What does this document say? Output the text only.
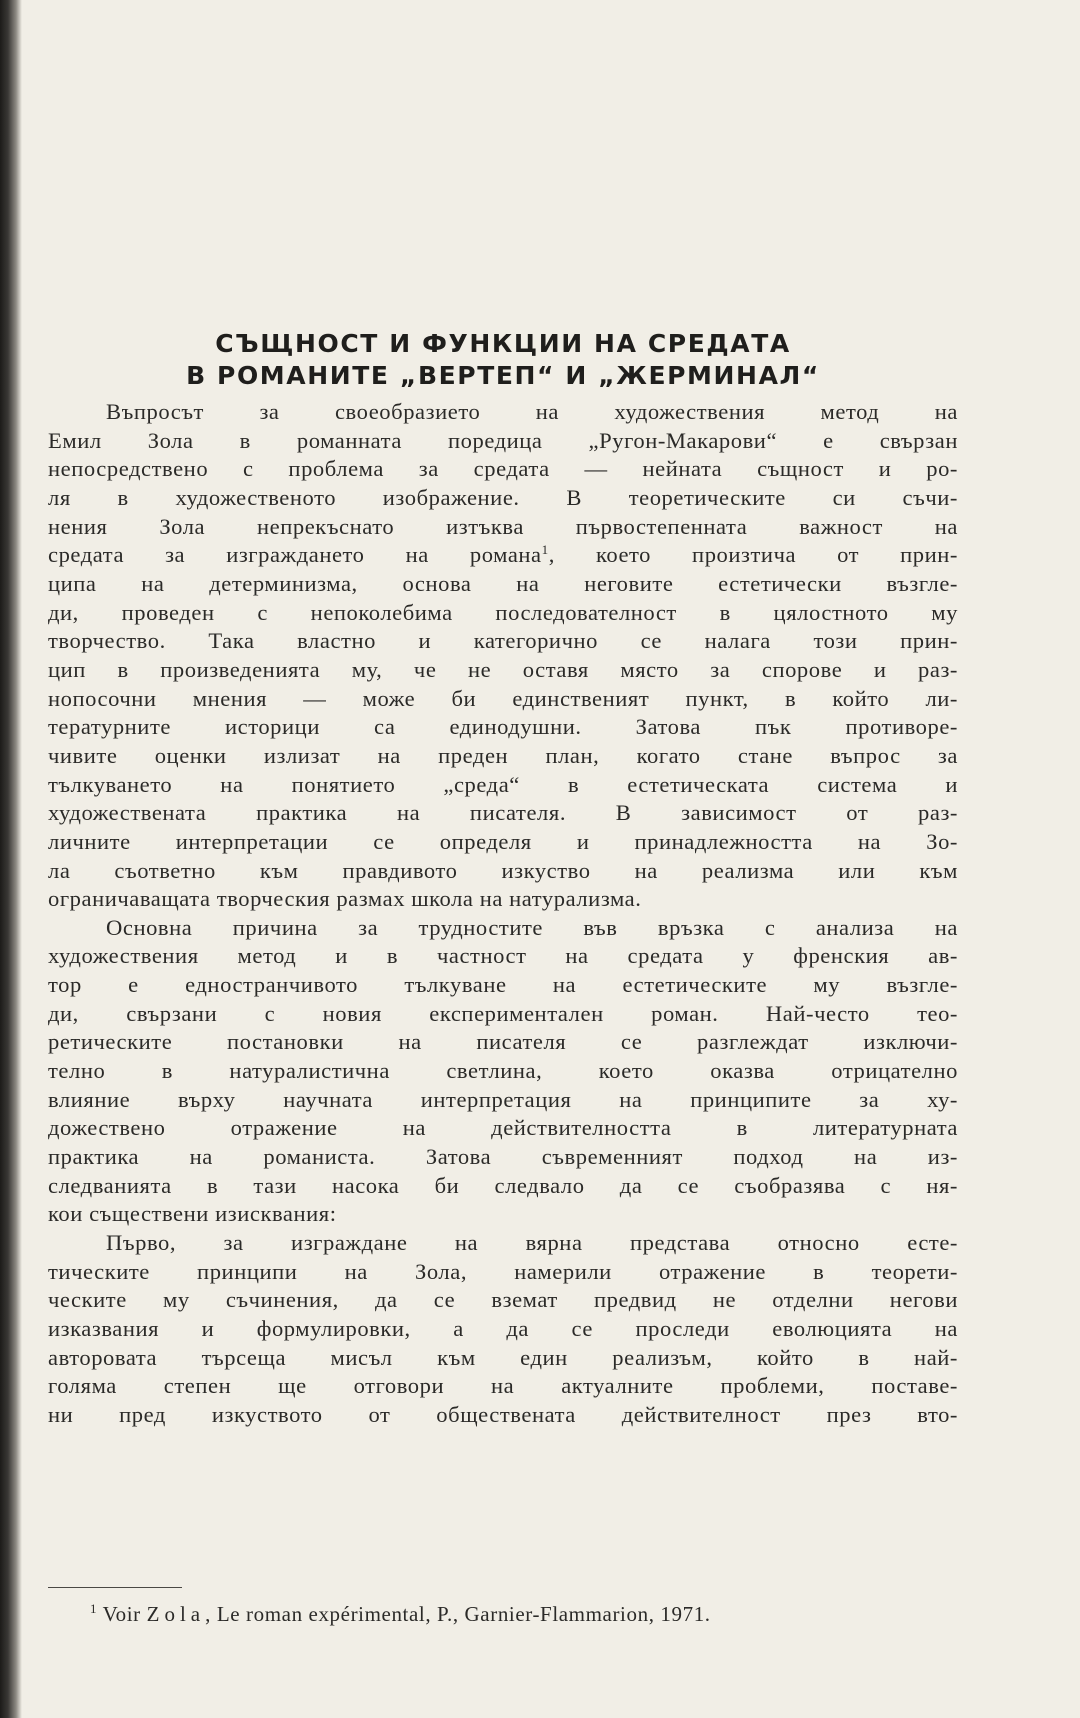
СЪЩНОСТ И ФУНКЦИИ НА СРЕДАТА
В РОМАНИТЕ „ВЕРТЕП“ И „ЖЕРМИНАЛ“
Въпросът за своеобразието на художествения метод на
Емил Зола в романната поредица „Ругон-Макарови“ е свързан
непосредствено с проблема за средата — нейната същност и ро-
ля в художественото изображение. В теоретическите си съчи-
нения Зола непрекъснато изтъква първостепенната важност на
средата за изграждането на романа$^1$, което произтича от прин-
ципа на детерминизма, основа на неговите естетически възгле-
ди, проведен с непоколебима последователност в цялостното му
творчество. Така властно и категорично се налага този прин-
цип в произведенията му, че не оставя място за спорове и раз-
нопосочни мнения — може би единственият пункт, в който ли-
тературните историци са единодушни. Затова пък противоре-
чивите оценки излизат на преден план, когато стане въпрос за
тълкуването на понятието „среда“ в естетическата система и
художествената практика на писателя. В зависимост от раз-
личните интерпретации се определя и принадлежността на Зо-
ла съответно към правдивото изкуство на реализма или към
ограничаващата творческия размах школа на натурализма.
Основна причина за трудностите във връзка с анализа на
художествения метод и в частност на средата у френския ав-
тор е едностранчивото тълкуване на естетическите му възгле-
ди, свързани с новия експериментален роман. Най-често тео-
ретическите постановки на писателя се разглеждат изключи-
телно в натуралистична светлина, което оказва отрицателно
влияние върху научната интерпретация на принципите за ху-
дожествено отражение на действителността в литературната
практика на романиста. Затова съвременният подход на из-
следванията в тази насока би следвало да се съобразява с ня-
кои съществени изисквания:
Първо, за изграждане на вярна представа относно есте-
тическите принципи на Зола, намерили отражение в теорети-
ческите му съчинения, да се вземат предвид не отделни негови
изказвания и формулировки, а да се проследи еволюцията на
авторовата търсеща мисъл към един реализъм, който в най-
голяма степен ще отговори на актуалните проблеми, поставе-
ни пред изкуството от обществената действителност през вто-
$^1$ Voir Zola, Le roman expérimental, P., Garnier-Flammarion, 1971.
